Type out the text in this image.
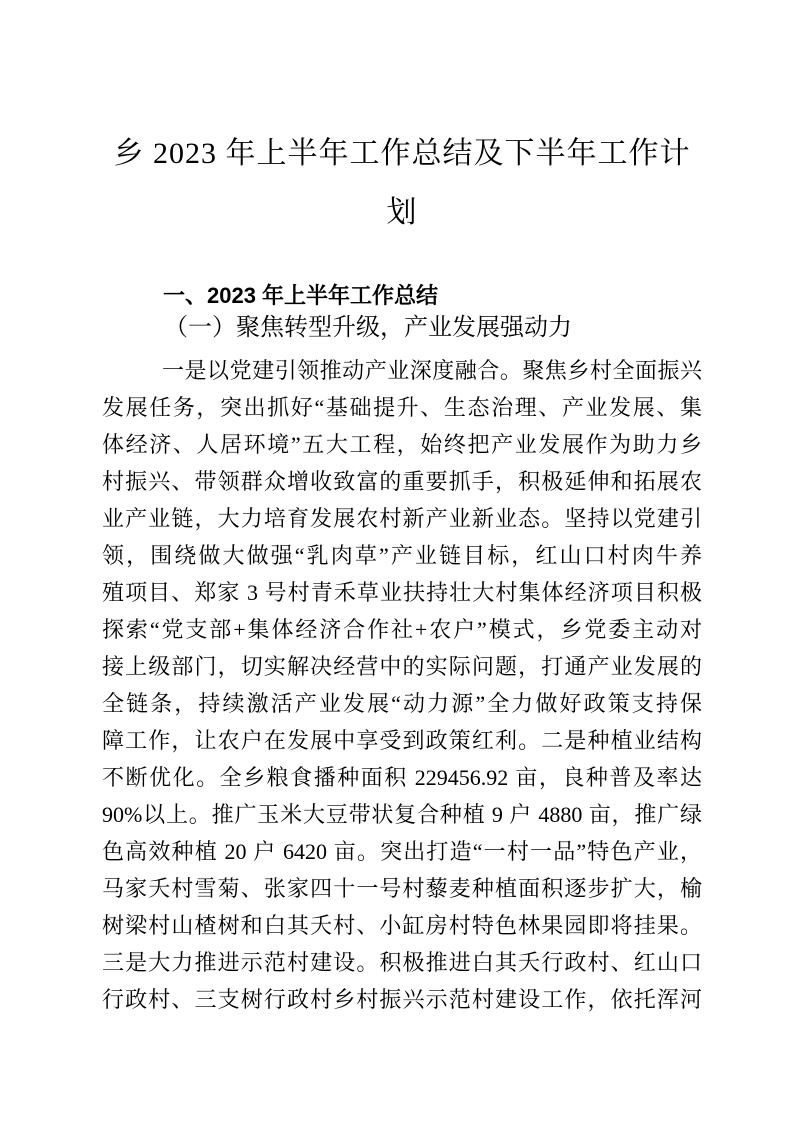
乡 2023 年上半年工作总结及下半年工作计
划
一、2023 年上半年工作总结
（一）聚焦转型升级，产业发展强动力
一是以党建引领推动产业深度融合。聚焦乡村全面振兴
发展任务，突出抓好“基础提升、生态治理、产业发展、集
体经济、人居环境”五大工程，始终把产业发展作为助力乡
村振兴、带领群众增收致富的重要抓手，积极延伸和拓展农
业产业链，大力培育发展农村新产业新业态。坚持以党建引
领，围绕做大做强“乳肉草”产业链目标，红山口村肉牛养
殖项目、郑家 3 号村青禾草业扶持壮大村集体经济项目积极
探索“党支部+集体经济合作社+农户”模式，乡党委主动对
接上级部门，切实解决经营中的实际问题，打通产业发展的
全链条，持续激活产业发展“动力源”全力做好政策支持保
障工作，让农户在发展中享受到政策红利。二是种植业结构
不断优化。全乡粮食播种面积 229456.92 亩，良种普及率达
90%以上。推广玉米大豆带状复合种植 9 户 4880 亩，推广绿
色高效种植 20 户 6420 亩。突出打造“一村一品”特色产业，
马家夭村雪菊、张家四十一号村藜麦种植面积逐步扩大，榆
树梁村山楂树和白其夭村、小缸房村特色林果园即将挂果。
三是大力推进示范村建设。积极推进白其夭行政村、红山口
行政村、三支树行政村乡村振兴示范村建设工作，依托浑河
